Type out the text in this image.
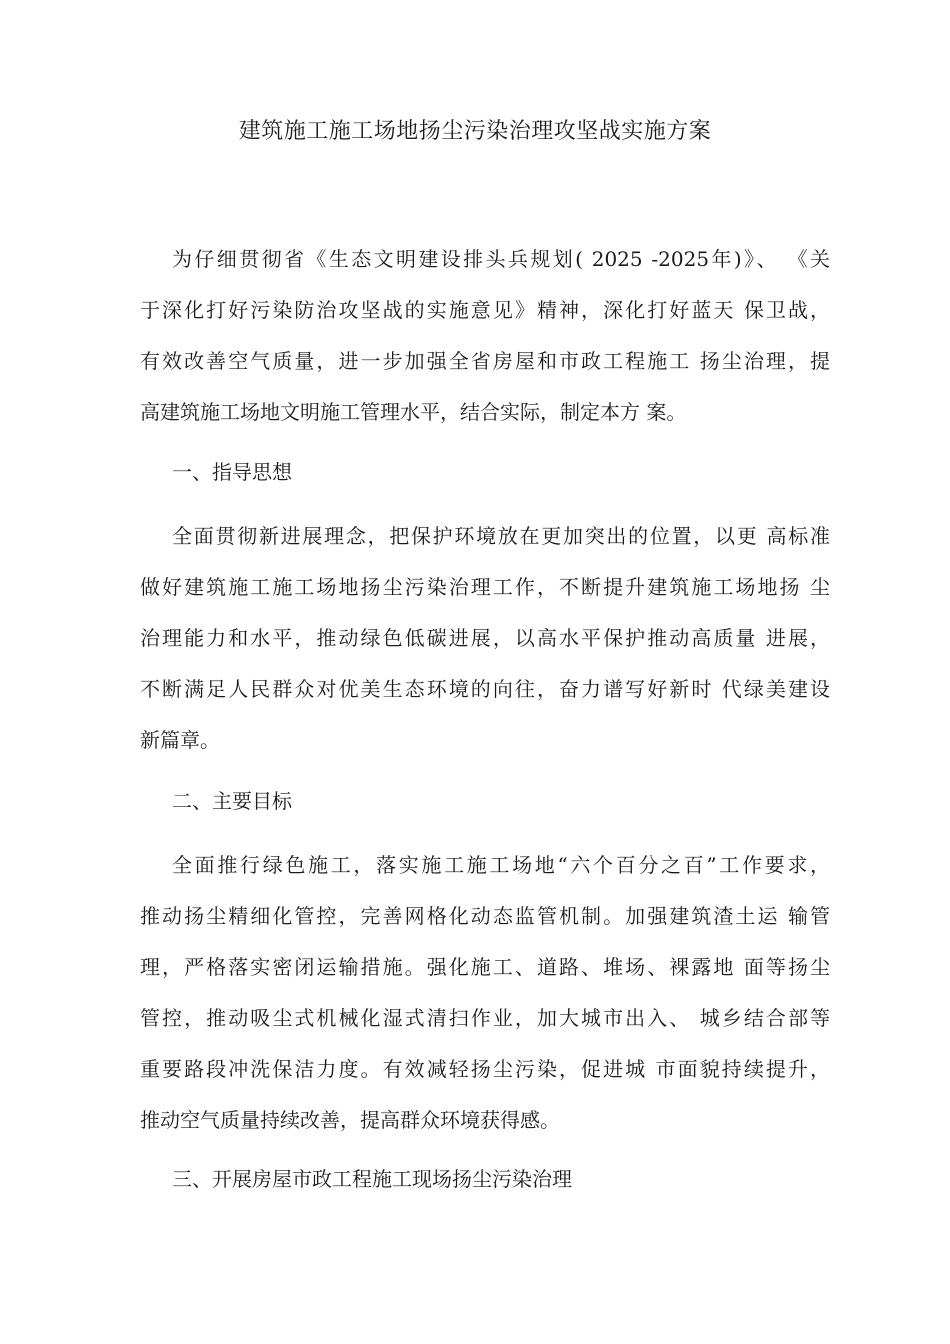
建筑施工施工场地扬尘污染治理攻坚战实施方案
为仔细贯彻省《生态文明建设排头兵规划( 2025 -2025年)》、 《关
于深化打好污染防治攻坚战的实施意见》精神，深化打好蓝天 保卫战，
有效改善空气质量，进一步加强全省房屋和市政工程施工 扬尘治理，提
高建筑施工场地文明施工管理水平，结合实际，制定本方 案。
一、指导思想
全面贯彻新进展理念，把保护环境放在更加突出的位置，以更 高标准
做好建筑施工施工场地扬尘污染治理工作，不断提升建筑施工场地扬 尘
治理能力和水平，推动绿色低碳进展，以高水平保护推动高质量 进展，
不断满足人民群众对优美生态环境的向往，奋力谱写好新时 代绿美建设
新篇章。
二、主要目标
全面推行绿色施工，落实施工施工场地“六个百分之百”工作要求，
推动扬尘精细化管控，完善网格化动态监管机制。加强建筑渣土运 输管
理，严格落实密闭运输措施。强化施工、道路、堆场、裸露地 面等扬尘
管控，推动吸尘式机械化湿式清扫作业，加大城市出入、 城乡结合部等
重要路段冲洗保洁力度。有效减轻扬尘污染，促进城 市面貌持续提升，
推动空气质量持续改善，提高群众环境获得感。
三、开展房屋市政工程施工现场扬尘污染治理
